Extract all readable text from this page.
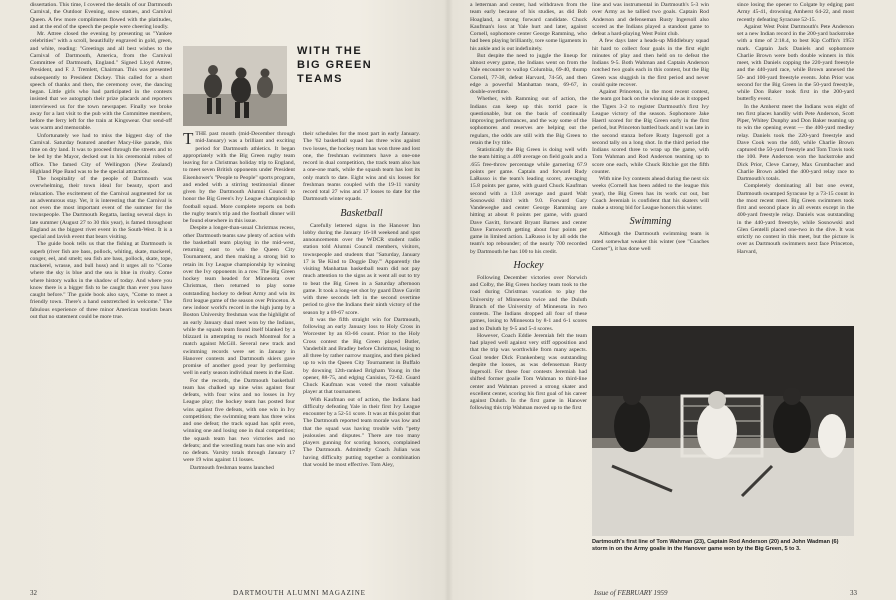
dissertation. This time, I covered the details of our Dartmouth Carnival, the Outdoor Evening, snow statues, and Carnival Queen. A few more compliments flowed with the platitudes, and at the end of the speech the people were cheering loudly.

Mr. Attree closed the evening by presenting us "Yankee celebrities" with a scroll, beautifully engraved in gold, green, and white, reading: "Greetings and all best wishes to the Carnival of Dartmouth, America, from the Carnival Committee of Dartmouth, England." Signed Lloyd Attree, President, and F. J. Tremlett, Chairman. This was presented subsequently to President Dickey. This called for a short speech of thanks and then, the ceremony over, the dancing began. Little girls who had participated in the contests insisted that we autograph their prize placards and reporters interviewed us for the town newspaper. Finally we broke away for a last visit to the pub with the Committee members, before the ferry left for the train at Kingswear. Our send-off was warm and memorable.

Unfortunately we had to miss the biggest day of the Carnival. Saturday featured another Macy-like parade, this time on dry land. It was to proceed through the streets and to be led by the Mayor, decked out in his ceremonial robes of office. The famed City of Wellington (New Zealand) Highland Pipe Band was to be the special attraction.

The hospitality of the people of Dartmouth was overwhelming, their town ideal for beauty, sport and relaxation. The excitement of the Carnival augmented for us an adventurous stay. Yet, it is interesting that the Carnival is not even the most important event of the summer for the townspeople. The Dartmouth Regatta, lasting several days in late summer (August 27 to 30 this year), is famed throughout England as the biggest rivet event in the South-West. It is a special and lavish event that bears visiting.

The guide book tells us that the fishing at Dartmouth is superb (river fish are bass, pollock, whiting, skate, mackerel, conger, eel, and smelt; sea fish are bass, pollock, skate, tope, mackerel, wrasse, and bull huss) and it urges all to "Come where the sky is blue and the sea is blue in rivalry. Come where history walks in the shadow of today. And where you know there is a bigger fish to be caught than ever you have caught before." The guide book also says, "Come to meet a friendly town. There's a hand outstretched in welcome." The fabulous experience of three minor American tourists bears out that no statement could be more true.

WITH THE
BIG GREEN TEAMS

TTHE past month (mid-December through mid-January) was a brilliant and exciting period for Dartmouth athletics. It began appropriately with the Big Green rugby team leaving for a Christmas holiday trip to England, to meet seven British opponents under President Eisenhower's "People to People" sports program, and ended with a stirring testimonial dinner given by the Dartmouth Alumni Council to honor the Big Green's Ivy League championship football squad. More complete reports on both the rugby team's trip and the football dinner will be found elsewhere in this issue.

Despite a longer-than-usual Christmas recess, other Dartmouth teams saw plenty of action with the basketball team playing in the mid-west, returning east to win the Queen City Tournament, and then making a strong bid to retain its Ivy League championship by winning over the Ivy opponents in a row. The Big Green hockey team headed for Minnesota over Christmas, then returned to play some outstanding hockey to defeat Army and win its first league game of the season over Princeton. A new indoor world's record in the high jump by a Boston University freshman was the highlight of an early January dual meet won by the Indians, while the squash team found itself blanked by a blizzard in attempting to reach Montreal for a match against McGill. Several new track and swimming records were set in January in Hanover contests and Dartmouth skiers gave promise of another good year by performing well in early season individual meets in the East.

For the records, the Dartmouth basketball team has chalked up nine wins against four defeats, with four wins and no losses in Ivy League play; the hockey team has posted four wins against five defeats, with one win in Ivy competition; the swimming team has three wins and one defeat; the track squad has split even, winning one and losing one in dual competition; the squash team has two victories and no defeats; and the wrestling team has one win and no defeats. Varsity totals through January 17 were 19 wins against 11 losses.

Dartmouth freshman teams launched

their schedules for the most part in early January. The '62 basketball squad has three wins against two losses, the hockey team has won three and lost one, the freshman swimmers have a one-one record in dual competition, the track team also has a one-one mark, while the squash team has lost its only match to date. Eight wins and six losses for freshman teams coupled with the 19-11 varsity record total 27 wins and 17 losses to date for the Dartmouth winter squads.

Basketball

Carefully lettered signs in the Hanover Inn lobby during the January 16-18 weekend and spot announcements over the WDCR student radio station told Alumni Council members, visitors, townspeople and students that "Saturday, January 17 is 'Be Kind to Doggie Day.'" Apparently the visiting Manhattan basketball team did not pay much attention to the signs as it went all out to try to beat the Big Green in a Saturday afternoon game. It took a long-set shot by guard Dave Gavitt with three seconds left in the second overtime period to give the Indians their ninth victory of the season by a 69-67 score.

It was the fifth straight win for Dartmouth, following an early January loss to Holy Cross in Worcester by an 83-66 count. Prior to the Holy Cross contest the Big Green played Butler, Vanderbilt and Bradley before Christmas, losing to all three by rather narrow margins, and then picked up to win the Queen City Tournament in Buffalo by downing 12th-ranked Brigham Young in the opener, 88-75, and edging Canisius, 72-62. Guard Chuck Kaufman was voted the most valuable player at that tournament.

With Kaufman out of action, the Indians had difficulty defeating Yale in their first Ivy League encounter by a 52-51 score. It was at this point that The Dartmouth reported team morale was low and that the squad was having trouble with "petty jealousies and disputes." There are too many players gunning for scoring honors, complained The Dartmouth. Admittedly Coach Julian was having difficulty putting together a combination that would be most effective. Tom Aley,

32	DARTMOUTH ALUMNI MAGAZINE

a letterman and center, had withdrawn from the team early because of his studies, as did Bob Hoagland, a strong forward candidate. Chuck Kaufman's loss at Yale hurt and later, against Cornell, sophomore center George Ramming, who had been playing brilliantly, tore some ligaments in his ankle and is out indefinitely.

But despite the need to juggle the lineup for almost every game, the Indians went on from the Yale encounter to wallop Columbia, 69-40, thump Cornell, 77-38, defeat Harvard, 74-56, and then edge a powerful Manhattan team, 69-67, in double-overtime.

Whether, with Ramming out of action, the Indians can keep up this torrid pace is questionable, but on the basis of continually improving performances, and the way some of the sophomores and reserves are helping out the regulars, the odds are still with the Big Green to retain the Ivy title.

Statistically the Big Green is doing well with the team hitting a .409 average on field goals and a .655 free-throw percentage while garnering 67.9 points per game. Captain and forward Rudy LaRusso is the team's leading scorer, averaging 15.8 points per game, with guard Chuck Kaufman second with a 13.8 average and guard Walt Sosnowski third with 9.0. Forward Gary Vandeweghe and center George Ramming are hitting at about 8 points per game, with guard Dave Gavitt, forward Bryant Barnes and center Dave Farnsworth getting about four points per game in limited action. LaRusso is by all odds the team's top rebounder; of the nearly 700 recorded by Dartmouth he has 100 to his credit.

Hockey

Following December victories over Norwich and Colby, the Big Green hockey team took to the road during Christmas vacation to play the University of Minnesota twice and the Duluth Branch of the University of Minnesota in two contests. The Indians dropped all four of these games, losing to Minnesota by 8-1 and 6-1 scores and to Duluth by 9-5 and 5-4 scores.

However, Coach Eddie Jeremiah felt the team had played well against very stiff opposition and that the trip was worthwhile from many aspects. Goal tender Dick Frankenberg was outstanding despite the losses, as was defenseman Rusty Ingersoll. For these four contests Jeremiah had shifted former goalie Tom Wahman to third-line center and Wahman proved a strong skater and excellent center, scoring his first goal of his career against Duluth. In the first game in Hanover following this trip Wahman moved up to the first

line and was instrumental in Dartmouth's 5-3 win over Army as he tallied two goals. Captain Rod Anderson and defenseman Rusty Ingersoll also scored as the Indians played a standout game to defeat a hard-playing West Point club.

A few days later a heads-up Middlebury squad hit hard to collect four goals in the first eight minutes of play and then held on to defeat the Indians 9-5. Both Wahman and Captain Anderson notched two goals each in this contest, but the Big Green was sluggish in the first period and never could quite recover.

Against Princeton, in the most recent contest, the team got back on the winning side as it stopped the Tigers 3-2 to register Dartmouth's first Ivy League victory of the season. Sophomore Jake Haertl scored for the Big Green early in the first period, but Princeton battled back and it was late in the second stanza before Rusty Ingersoll got a second tally on a long shot. In the third period the Indians scored three to wrap up the game, with Tom Wahman and Rod Anderson teaming up to score one each, while Chuck Ritchie got the fifth counter.

With nine Ivy contests ahead during the next six weeks (Cornell has been added to the league this year), the Big Green has its work cut out, but Coach Jeremiah is confident that his skaters will make a strong bid for League honors this winter.

Swimming

Although the Dartmouth swimming team is rated somewhat weaker this winter (see "Coaches Corner"), it has done well

since losing the opener to Colgate by edging past Army 45-41, drowning Amherst 64-22, and most recently defeating Syracuse 52-15.

Against West Point Dartmouth's Pete Anderson set a new Indian record in the 200-yard backstroke with a time of 2:18.4, to best Kip Coffin's 1953 mark. Captain Jack Daniels and sophomore Charlie Brown were both double winners in this meet, with Daniels copping the 220-yard freestyle and the 440-yard race, while Brown annexed the 50- and 100-yard freestyle events. John Prior was second for the Big Green in the 50-yard freestyle, while Don Baker took first in the 200-yard butterfly event.

In the Amherst meet the Indians won eight of ten first places handily with Pete Anderson, Scott Piper, Whitey Dunphy and Don Baker teaming up to win the opening event — the 400-yard medley relay. Daniels took the 220-yard freestyle and Dave Cook won the 440, while Charlie Brown captured the 50-yard freestyle and Tom Travis took the 100. Pete Anderson won the backstroke and Dick Prior, Cleve Carney, Max Grumbacher and Charlie Brown added the 400-yard relay race to Dartmouth's totals.

Completely dominating all but one event, Dartmouth swamped Syracuse by a 73-15 count in the most recent meet. Big Green swimmers took first and second place in all events except in the 400-yard freestyle relay. Daniels was outstanding in the 440-yard freestyle, while Sosnowski and Glen Gentelli placed one-two in the dive. It was strictly no contest in this meet, but the picture is over as Dartmouth swimmers next face Princeton, Harvard,

Dartmouth's first line of Tom Wahman (23), Captain Rod Anderson (20) and John Wadman (6) storm in on the Army goalie in the Hanover game won by the Big Green, 5 to 3.
Issue of FEBRUARY 1959	33
